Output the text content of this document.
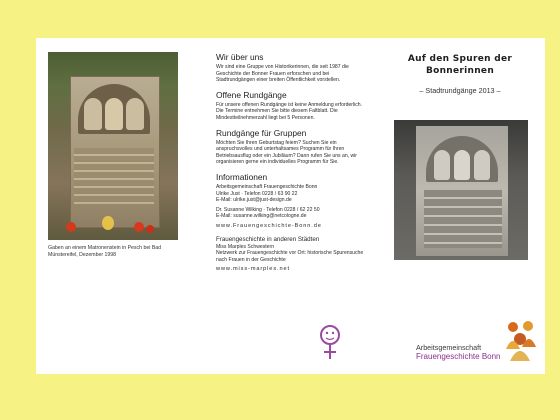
Gaben an einem Matronenstein in Pesch bei Bad Münstereifel, Dezember 1998
Wir über uns

Wir sind eine Gruppe von Historikerinnen, die seit 1987 die Geschichte der Bonner Frauen erforschen und bei Stadtrundgängen einer breiten Öffentlichkeit vorstellen.

Offene Rundgänge

Für unsere offenen Rundgänge ist keine Anmeldung erforderlich. Die Termine entnehmen Sie bitte diesem Faltblatt. Die Mindestteilnehmerzahl liegt bei 5 Personen.

Rundgänge für Gruppen

Möchten Sie Ihren Geburtstag feiern? Suchen Sie ein anspruchsvolles und unterhaltsames Programm für Ihren Betriebsausflug oder ein Jubiläum? Dann rufen Sie uns an, wir organisieren gerne ein individuelles Programm für Sie.

Informationen

Arbeitsgemeinschaft Frauengeschichte Bonn

Ulrike Just · Telefon 0228 / 63 90 22

E-Mail: ulrike.just@just-design.de

Dr. Susanne Wilking · Telefon 0228 / 62 22 50

E-Mail: susanne.wilking@netcologne.de

www.Frauengeschichte-Bonn.de

Frauengeschichte in anderen Städten

Miss Marples Schwestern

Netzwerk zur Frauengeschichte vor Ort: historische Spurensuche nach Frauen in der Geschichte

www.miss-marples.net

Auf den Spuren der
Bonnerinnen
– Stadtrundgänge 2013 –
Arbeitsgemeinschaft
Frauengeschichte Bonn
